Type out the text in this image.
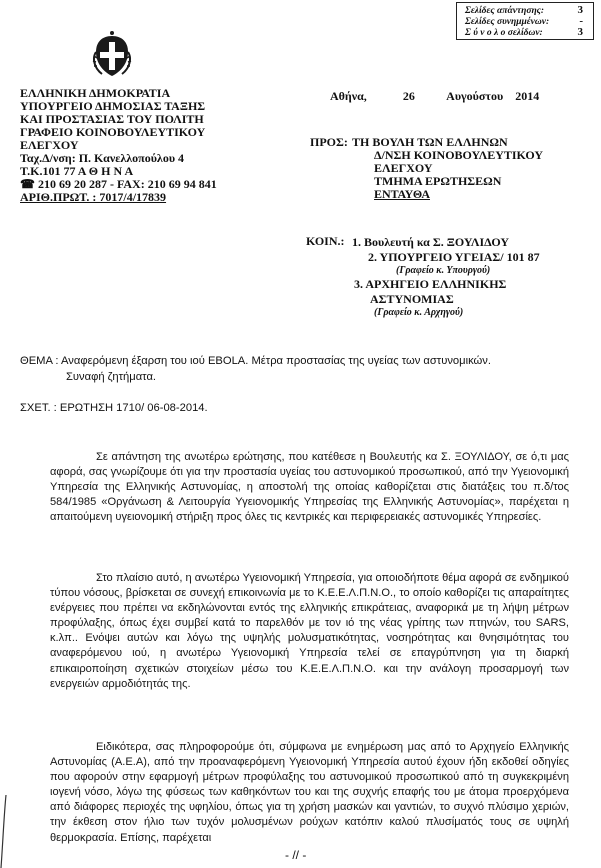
Σελίδες απάντησης:	3
Σελίδες συνημμένων:	-
Σ ύ ν ο λ ο σελίδων:	3
ΕΛΛΗΝΙΚΗ ΔΗΜΟΚΡΑΤΙΑ
ΥΠΟΥΡΓΕΙΟ ΔΗΜΟΣΙΑΣ ΤΑΞΗΣ
ΚΑΙ ΠΡΟΣΤΑΣΙΑΣ ΤΟΥ ΠΟΛΙΤΗ
ΓΡΑΦΕΙΟ ΚΟΙΝΟΒΟΥΛΕΥΤΙΚΟΥ
ΕΛΕΓΧΟΥ
Ταχ.Δ/νση: Π. Κανελλοπούλου 4
Τ.Κ.101 77 Α Θ Η Ν Α
☎ 210 69 20 287 - FAX: 210 69 94 841
ΑΡΙΘ.ΠΡΩΤ. : 7017/4/17839
Αθήνα,	26	Αυγούστου 2014
ΠΡΟΣ: ΤΗ ΒΟΥΛΗ ΤΩΝ ΕΛΛΗΝΩΝ
Δ/ΝΣΗ ΚΟΙΝΟΒΟΥΛΕΥΤΙΚΟΥ
ΕΛΕΓΧΟΥ
ΤΜΗΜΑ ΕΡΩΤΗΣΕΩΝ
ΕΝΤΑΥΘΑ
ΚΟΙΝ.: 1. Βουλευτή κα Σ. ΞΟΥΛΙΔΟΥ
2. ΥΠΟΥΡΓΕΙΟ ΥΓΕΙΑΣ/ 101 87
(Γραφείο κ. Υπουργού)
3. ΑΡΧΗΓΕΙΟ ΕΛΛΗΝΙΚΗΣ
ΑΣΤΥΝΟΜΙΑΣ
(Γραφείο κ. Αρχηγού)
ΘΕΜΑ : Αναφερόμενη έξαρση του ιού EBOLA. Μέτρα προστασίας της υγείας των αστυνομικών.
Συναφή ζητήματα.
ΣΧΕΤ. : ΕΡΩΤΗΣΗ 1710/ 06-08-2014.
Σε απάντηση της ανωτέρω ερώτησης, που κατέθεσε η Βουλευτής κα Σ. ΞΟΥΛΙΔΟΥ, σε ό,τι μας αφορά, σας γνωρίζουμε ότι για την προστασία υγείας του αστυνομικού προσωπικού, από την Υγειονομική Υπηρεσία της Ελληνικής Αστυνομίας, η αποστολή της οποίας καθορίζεται στις διατάξεις του π.δ/τος 584/1985 «Οργάνωση & Λειτουργία Υγειονομικής Υπηρεσίας της Ελληνικής Αστυνομίας», παρέχεται η απαιτούμενη υγειονομική στήριξη προς όλες τις κεντρικές και περιφερειακές αστυνομικές Υπηρεσίες.
Στο πλαίσιο αυτό, η ανωτέρω Υγειονομική Υπηρεσία, για οποιοδήποτε θέμα αφορά σε ενδημικού τύπου νόσους, βρίσκεται σε συνεχή επικοινωνία με το Κ.Ε.Ε.Λ.Π.Ν.Ο., το οποίο καθορίζει τις απαραίτητες ενέργειες που πρέπει να εκδηλώνονται εντός της ελληνικής επικράτειας, αναφορικά με τη λήψη μέτρων προφύλαξης, όπως έχει συμβεί κατά το παρελθόν με τον ιό της νέας γρίπης των πτηνών, του SARS, κ.λπ.. Ενόψει αυτών και λόγω της υψηλής μολυσματικότητας, νοσηρότητας και θνησιμότητας του αναφερόμενου ιού, η ανωτέρω Υγειονομική Υπηρεσία τελεί σε επαγρύπνηση για τη διαρκή επικαιροποίηση σχετικών στοιχείων μέσω του Κ.Ε.Ε.Λ.Π.Ν.Ο. και την ανάλογη προσαρμογή των ενεργειών αρμοδιότητάς της.
Ειδικότερα, σας πληροφορούμε ότι, σύμφωνα με ενημέρωση μας από το Αρχηγείο Ελληνικής Αστυνομίας (Α.Ε.Α), από την προαναφερόμενη Υγειονομική Υπηρεσία αυτού έχουν ήδη εκδοθεί οδηγίες που αφορούν στην εφαρμογή μέτρων προφύλαξης του αστυνομικού προσωπικού από τη συγκεκριμένη ιογενή νόσο, λόγω της φύσεως των καθηκόντων του και της συχνής επαφής του με άτομα προερχόμενα από διάφορες περιοχές της υφηλίου, όπως για τη χρήση μασκών και γαντιών, το συχνό πλύσιμο χεριών, την έκθεση στον ήλιο των τυχόν μολυσμένων ρούχων κατόπιν καλού πλυσίματός τους σε υψηλή θερμοκρασία. Επίσης, παρέχεται
- // -
